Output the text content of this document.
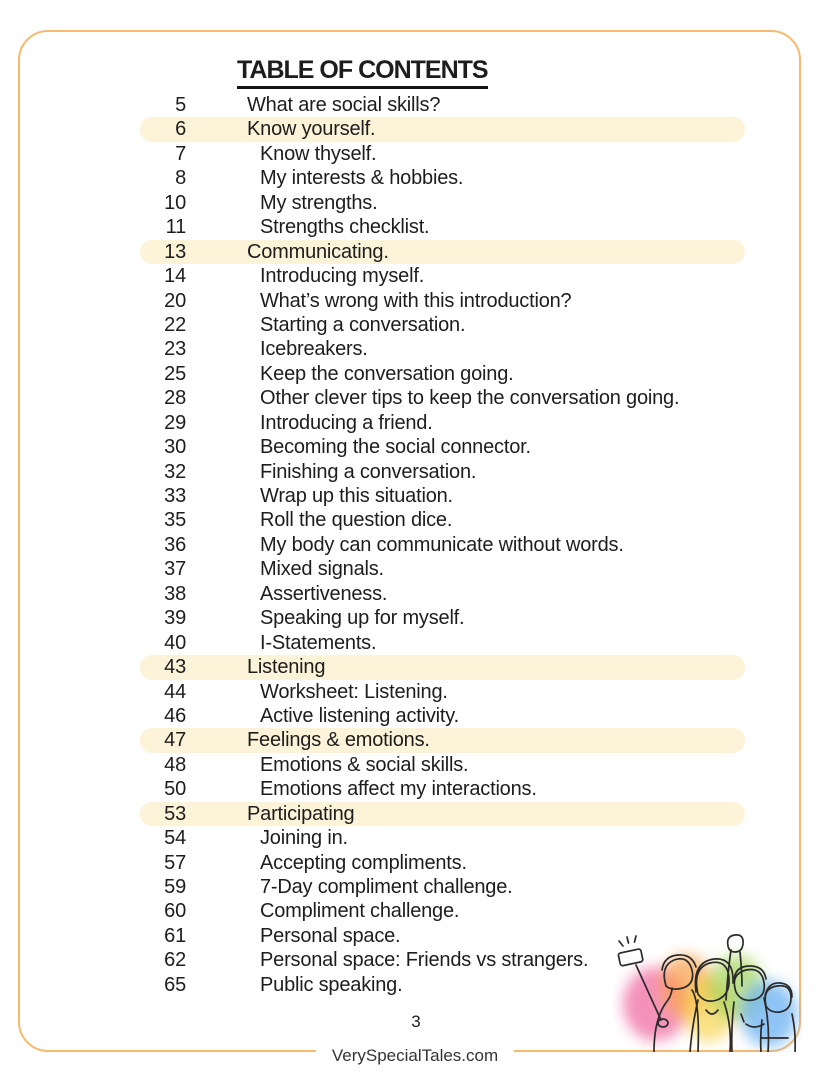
TABLE OF CONTENTS
5	What are social skills?
6	Know yourself.
7	Know thyself.
8	My interests & hobbies.
10	My strengths.
11	Strengths checklist.
13	Communicating.
14	Introducing myself.
20	What’s wrong with this introduction?
22	Starting a conversation.
23	Icebreakers.
25	Keep the conversation going.
28	Other clever tips to keep the conversation going.
29	Introducing a friend.
30	Becoming the social connector.
32	Finishing a conversation.
33	Wrap up this situation.
35	Roll the question dice.
36	My body can communicate without words.
37	Mixed signals.
38	Assertiveness.
39	Speaking up for myself.
40	I-Statements.
43	Listening
44	Worksheet: Listening.
46	Active listening activity.
47	Feelings & emotions.
48	Emotions & social skills.
50	Emotions affect my interactions.
53	Participating
54	Joining in.
57	Accepting compliments.
59	7-Day compliment challenge.
60	Compliment challenge.
61	Personal space.
62	Personal space: Friends vs strangers.
65	Public speaking.
3
VerySpecialTales.com
